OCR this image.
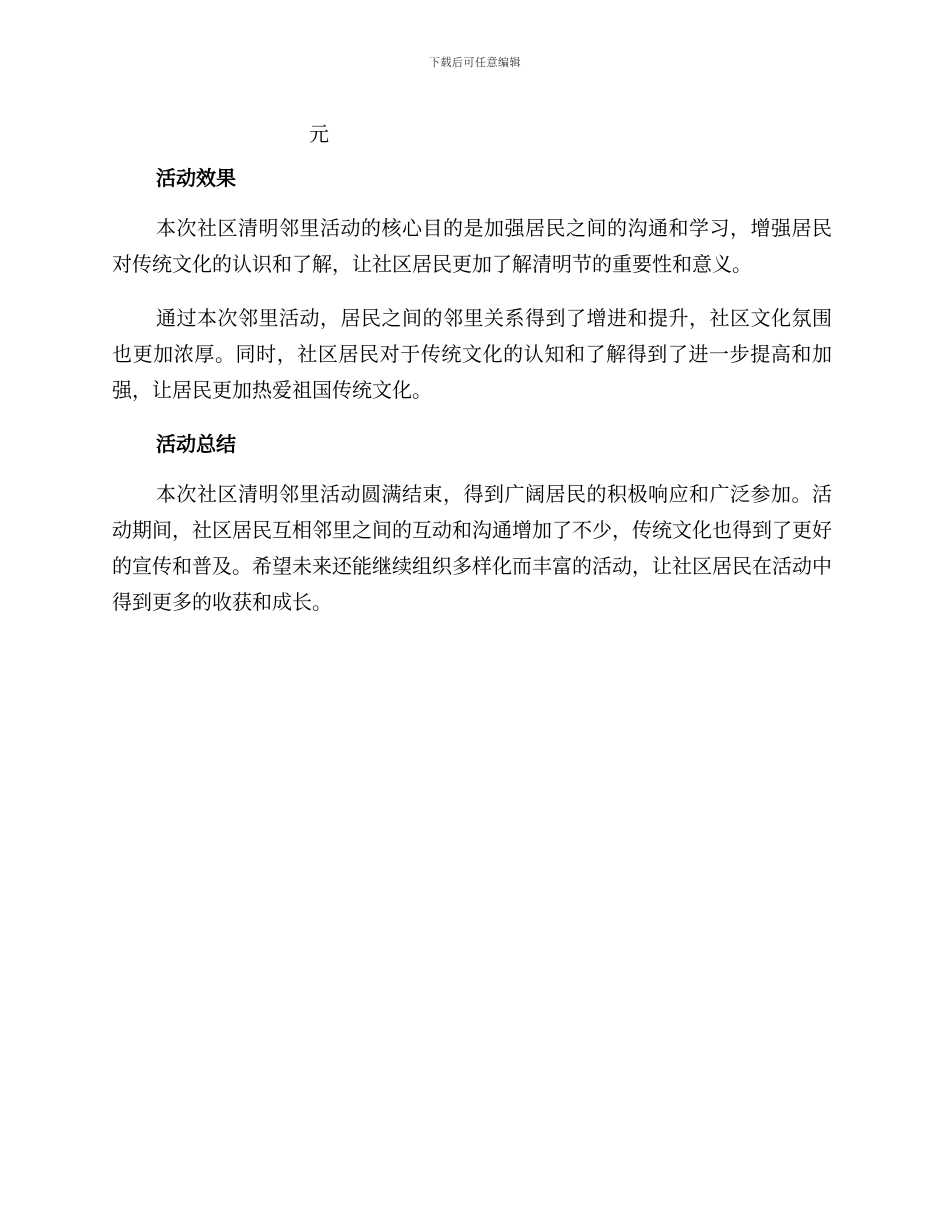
下载后可任意编辑
元
活动效果

本次社区清明邻里活动的核心目的是加强居民之间的沟通和学习，增强居民对传统文化的认识和了解，让社区居民更加了解清明节的重要性和意义。

通过本次邻里活动，居民之间的邻里关系得到了增进和提升，社区文化氛围也更加浓厚。同时，社区居民对于传统文化的认知和了解得到了进一步提高和加强，让居民更加热爱祖国传统文化。

活动总结

本次社区清明邻里活动圆满结束，得到广阔居民的积极响应和广泛参加。活动期间，社区居民互相邻里之间的互动和沟通增加了不少，传统文化也得到了更好的宣传和普及。希望未来还能继续组织多样化而丰富的活动，让社区居民在活动中得到更多的收获和成长。
